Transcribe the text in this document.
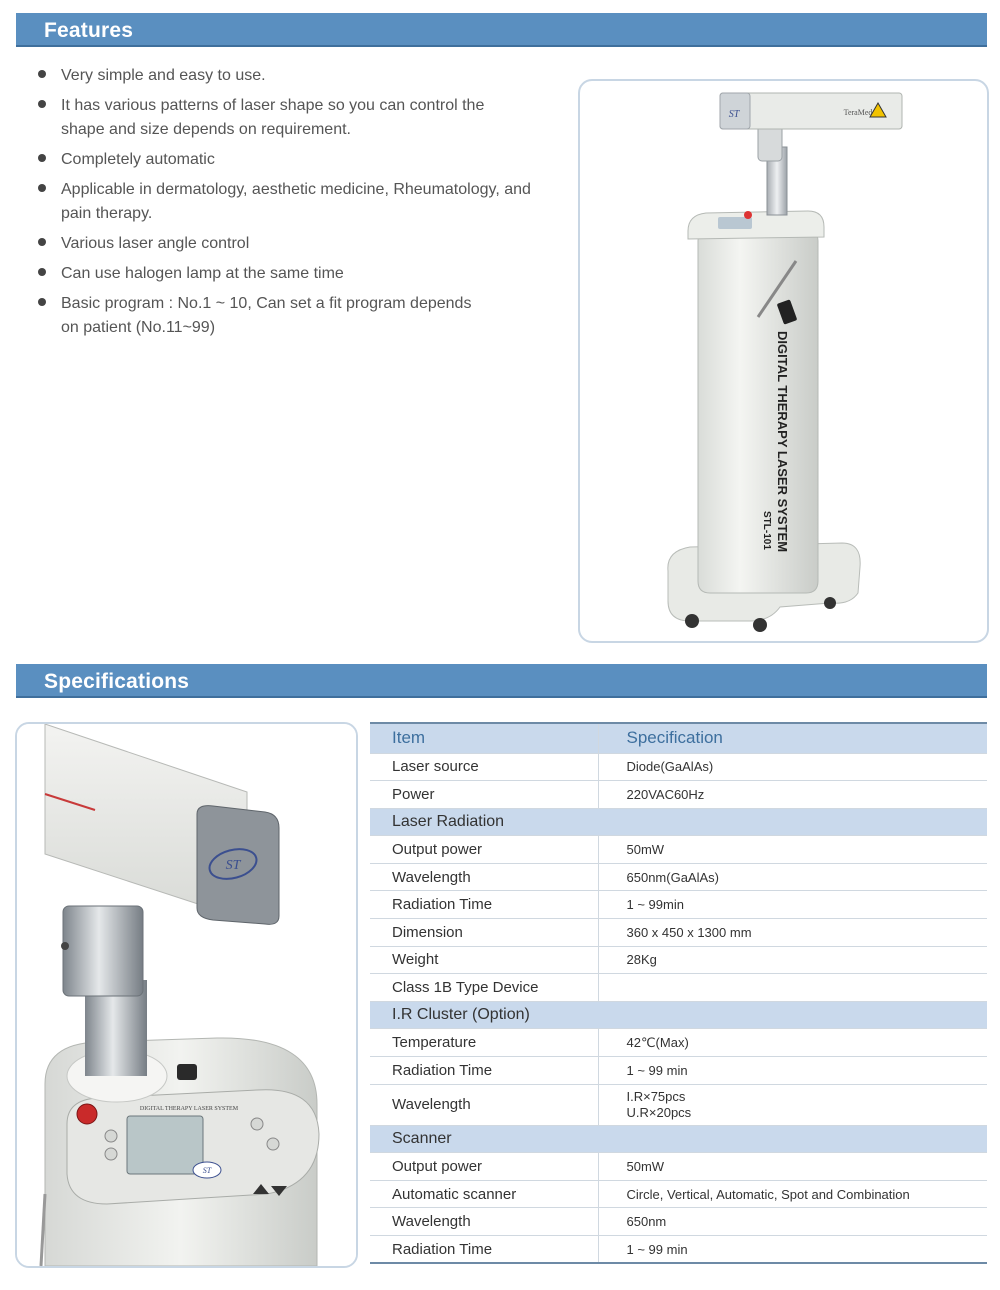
Features
Very simple and easy to use.
It has various patterns of laser shape so you can control the shape and size depends on requirement.
Completely automatic
Applicable in dermatology, aesthetic medicine, Rheumatology, and pain therapy.
Various laser angle control
Can use halogen lamp at the same time
Basic program : No.1 ~ 10, Can set a fit program depends on patient (No.11~99)
ST	TeraMed
DIGITAL THERAPY LASER SYSTEM
STL-101
Specifications
DIGITAL THERAPY LASER SYSTEM
ST
ST
Item	Specification
Laser source	Diode(GaAlAs)
Power	220VAC60Hz
Laser Radiation	
Output power	50mW
Wavelength	650nm(GaAlAs)
Radiation Time	1 ~ 99min
Dimension	360 x 450 x 1300 mm
Weight	28Kg
Class 1B Type Device	
I.R Cluster (Option)	
Temperature	42℃(Max)
Radiation Time	1 ~ 99 min
Wavelength	I.R×75pcs
U.R×20pcs

Scanner	
Output power	50mW
Automatic scanner	Circle, Vertical, Automatic, Spot and Combination
Wavelength	650nm
Radiation Time	1 ~ 99 min
